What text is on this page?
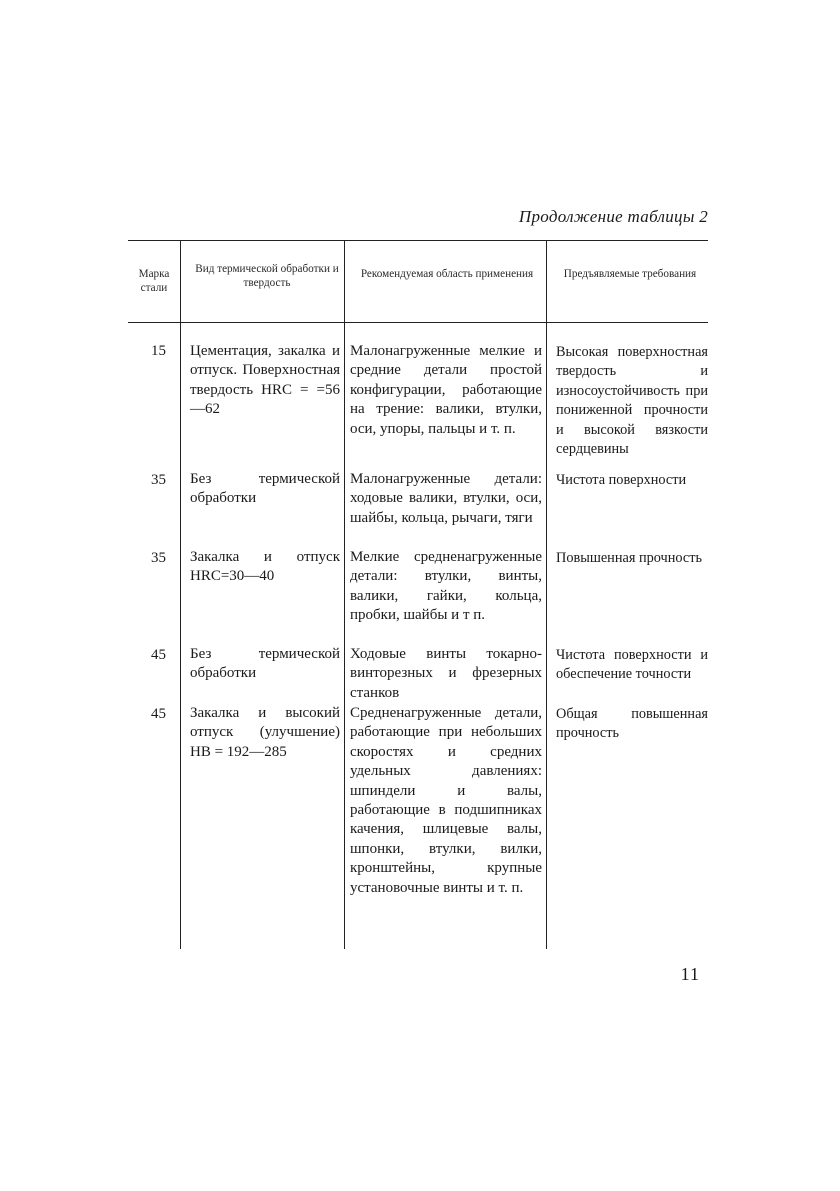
Продолжение таблицы 2
Марка стали
Вид термической обработки и твердость
Рекомендуемая область применения	Предъявляемые требования
15 Цементация, закалка и отпуск. Поверхностная твердость HRC = =56—62
Малонагруженные мелкие и средние детали простой конфигурации, работающие на трение: валики, втулки, оси, упоры, пальцы и т. п.
Высокая поверхностная твердость и износоустойчивость при пониженной прочности и высокой вязкости сердцевины
35 Без термической обработки
Малонагруженные детали: ходовые валики, втулки, оси, шайбы, кольца, рычаги, тяги
Чистота поверхности
35 Закалка и отпуск HRC=30—40
Мелкие средненагруженные детали: втулки, винты, валики, гайки, кольца, пробки, шайбы и т п.
Повышенная прочность
45 Без термической обработки
Ходовые винты токарно-винторезных и фрезерных станков
Чистота поверхности и обеспечение точности
45 Закалка и высокий отпуск (улучшение) HB = 192—285
Средненагруженные детали, работающие при небольших скоростях и средних удельных давлениях: шпиндели и валы, работающие в подшипниках качения, шлицевые валы, шпонки, втулки, вилки, кронштейны, крупные установочные винты и т. п.
Общая повышенная прочность
11
